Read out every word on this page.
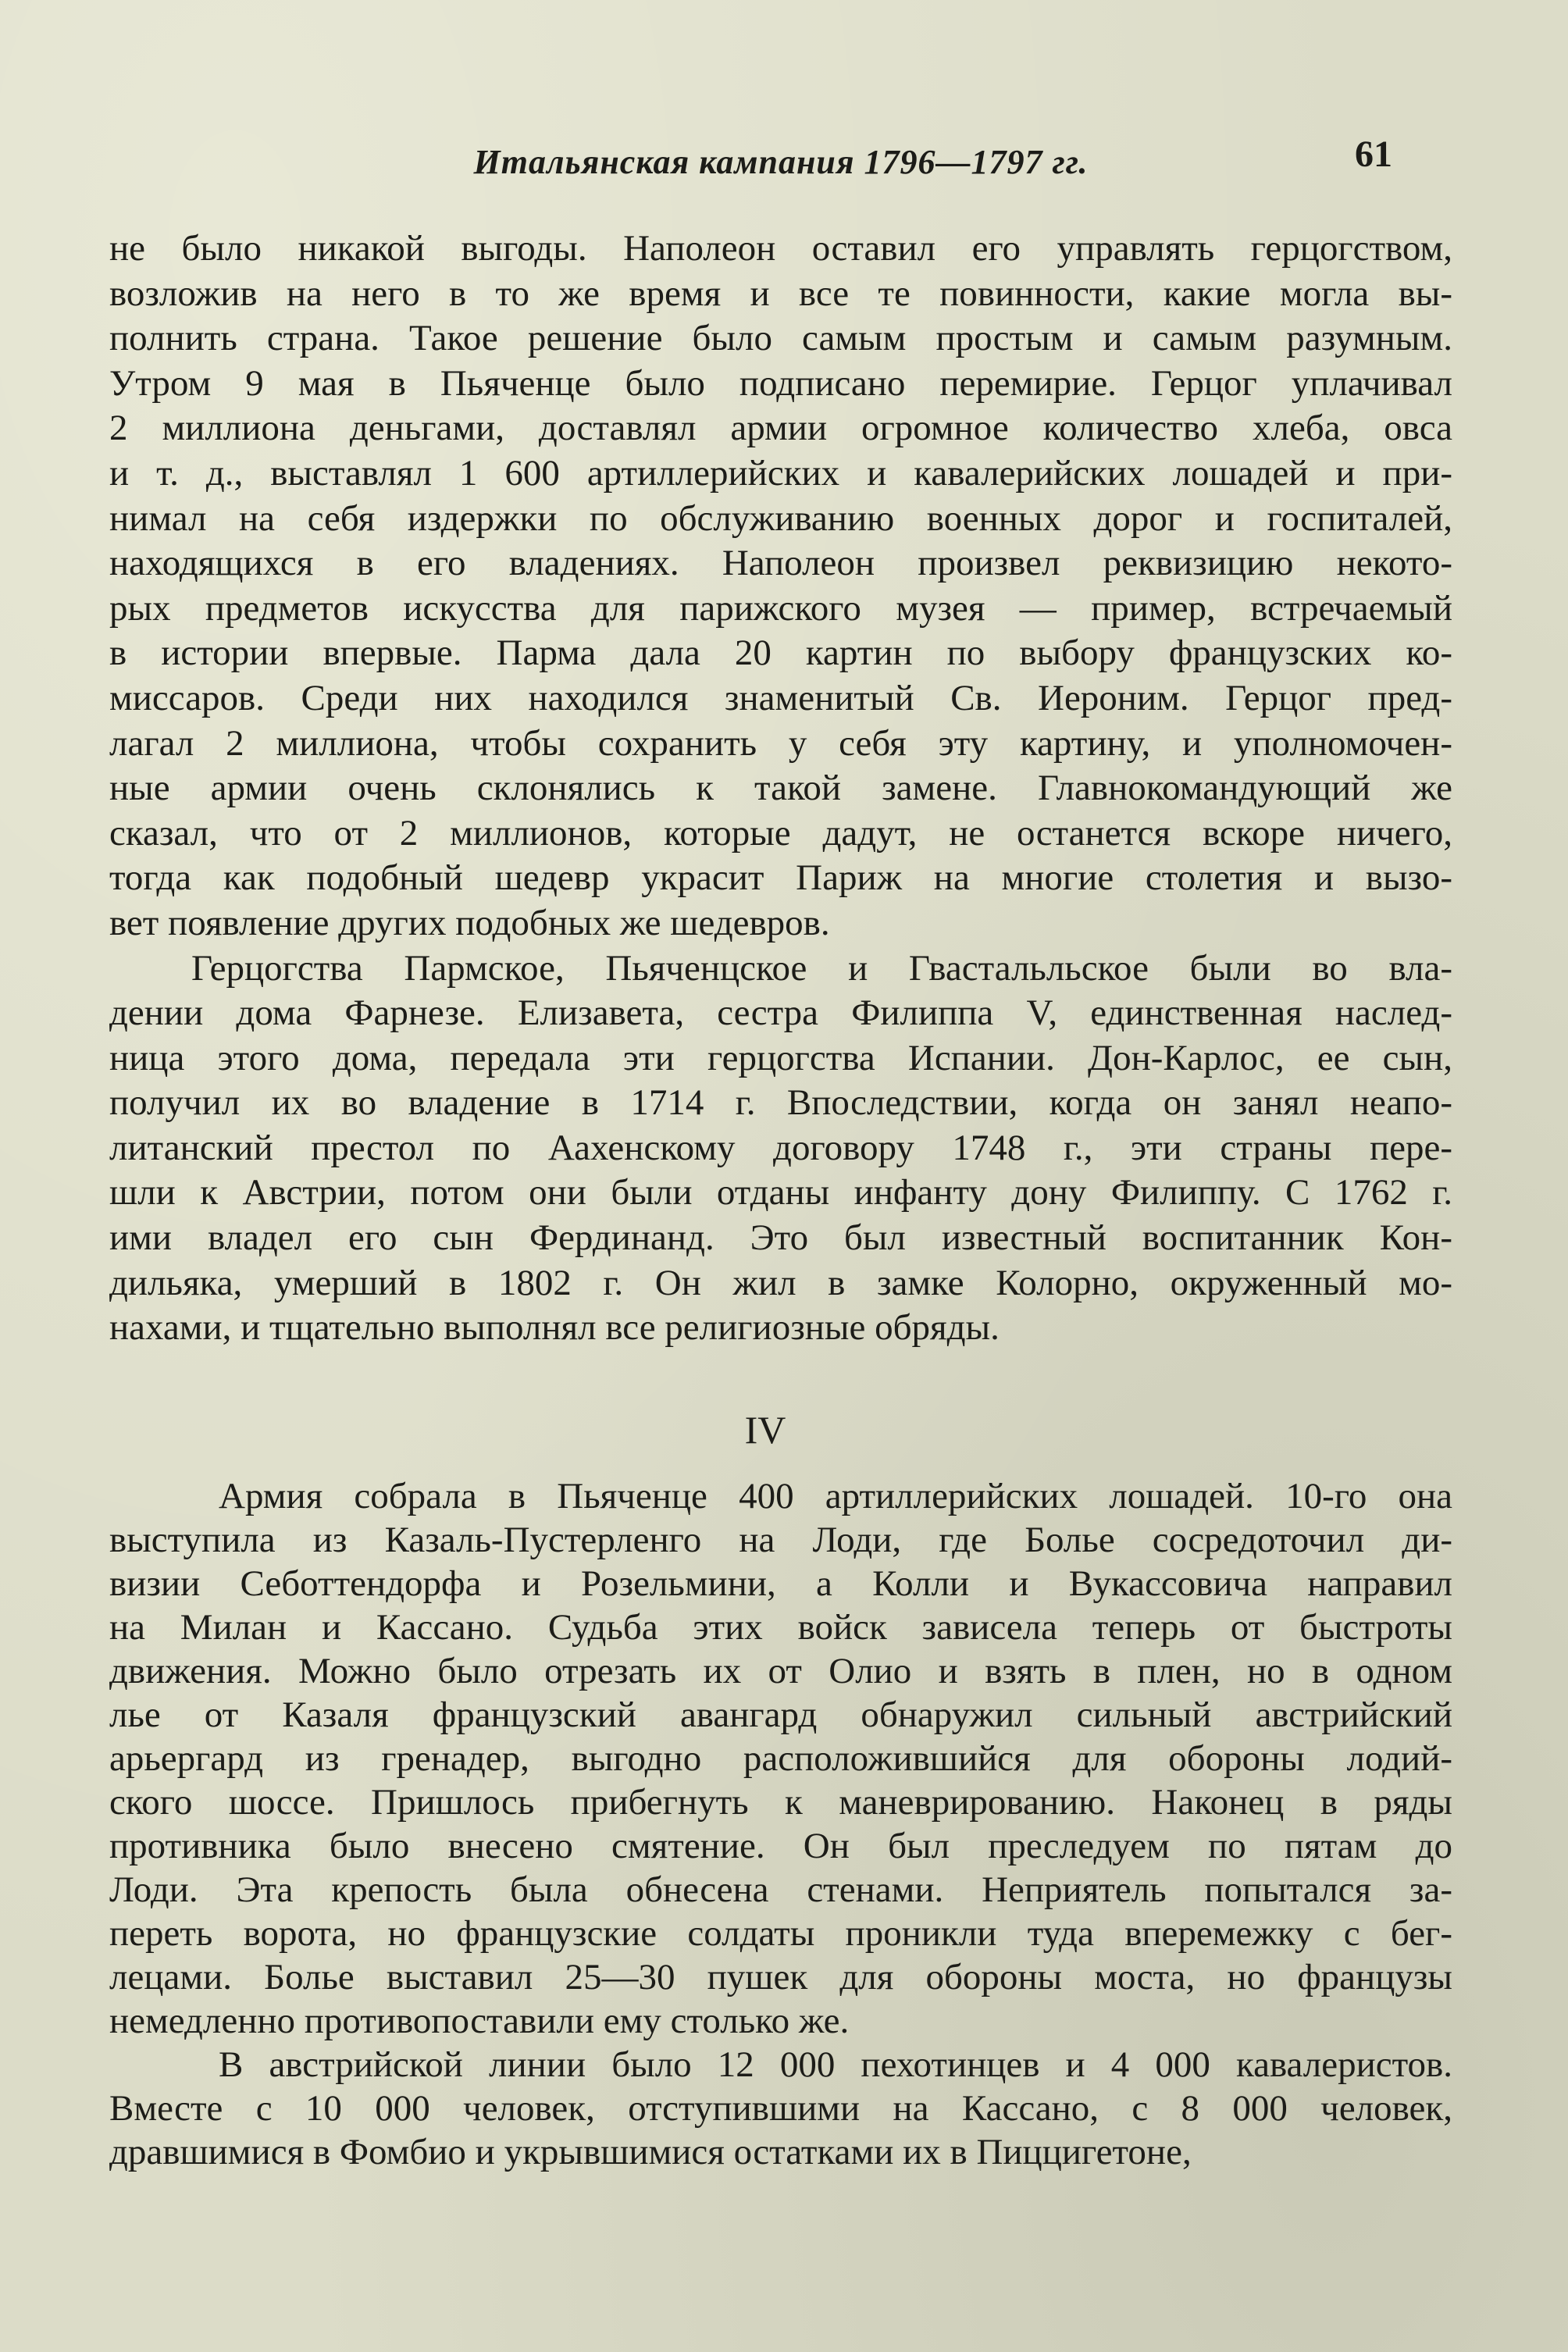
Итальянская кампания 1796—1797 гг.	61

не было никакой выгоды. Наполеон оставил его управлять герцогством,
возложив на него в то же время и все те повинности, какие могла вы-
полнить страна. Такое решение было самым простым и самым разумным.
Утром 9 мая в Пьяченце было подписано перемирие. Герцог уплачивал
2 миллиона деньгами, доставлял армии огромное количество хлеба, овса
и т. д., выставлял 1 600 артиллерийских и кавалерийских лошадей и при-
нимал на себя издержки по обслуживанию военных дорог и госпиталей,
находящихся в его владениях. Наполеон произвел реквизицию некото-
рых предметов искусства для парижского музея — пример, встречаемый
в истории впервые. Парма дала 20 картин по выбору французских ко-
миссаров. Среди них находился знаменитый Св. Иероним. Герцог пред-
лагал 2 миллиона, чтобы сохранить у себя эту картину, и уполномочен-
ные армии очень склонялись к такой замене. Главнокомандующий же
сказал, что от 2 миллионов, которые дадут, не останется вскоре ничего,
тогда как подобный шедевр украсит Париж на многие столетия и вызо-
вет появление других подобных же шедевров.

Герцогства Пармское, Пьяченцское и Гвастальльское были во вла-
дении дома Фарнезе. Елизавета, сестра Филиппа V, единственная наслед-
ница этого дома, передала эти герцогства Испании. Дон-Карлос, ее сын,
получил их во владение в 1714 г. Впоследствии, когда он занял неапо-
литанский престол по Аахенскому договору 1748 г., эти страны пере-
шли к Австрии, потом они были отданы инфанту дону Филиппу. С 1762 г.
ими владел его сын Фердинанд. Это был известный воспитанник Кон-
дильяка, умерший в 1802 г. Он жил в замке Колорно, окруженный мо-
нахами, и тщательно выполнял все религиозные обряды.

IV

Армия собрала в Пьяченце 400 артиллерийских лошадей. 10-го она
выступила из Казаль-Пустерленго на Лоди, где Болье сосредоточил ди-
визии Себоттендорфа и Розельмини, а Колли и Вукассовича направил
на Милан и Кассано. Судьба этих войск зависела теперь от быстроты
движения. Можно было отрезать их от Олио и взять в плен, но в одном
лье от Казаля французский авангард обнаружил сильный австрийский
арьергард из гренадер, выгодно расположившийся для обороны лодий-
ского шоссе. Пришлось прибегнуть к маневрированию. Наконец в ряды
противника было внесено смятение. Он был преследуем по пятам до
Лоди. Эта крепость была обнесена стенами. Неприятель попытался за-
переть ворота, но французские солдаты проникли туда вперемежку с бег-
лецами. Болье выставил 25—30 пушек для обороны моста, но французы
немедленно противопоставили ему столько же.

В австрийской линии было 12 000 пехотинцев и 4 000 кавалеристов.
Вместе с 10 000 человек, отступившими на Кассано, с 8 000 человек,
дравшимися в Фомбио и укрывшимися остатками их в Пиццигетоне,
